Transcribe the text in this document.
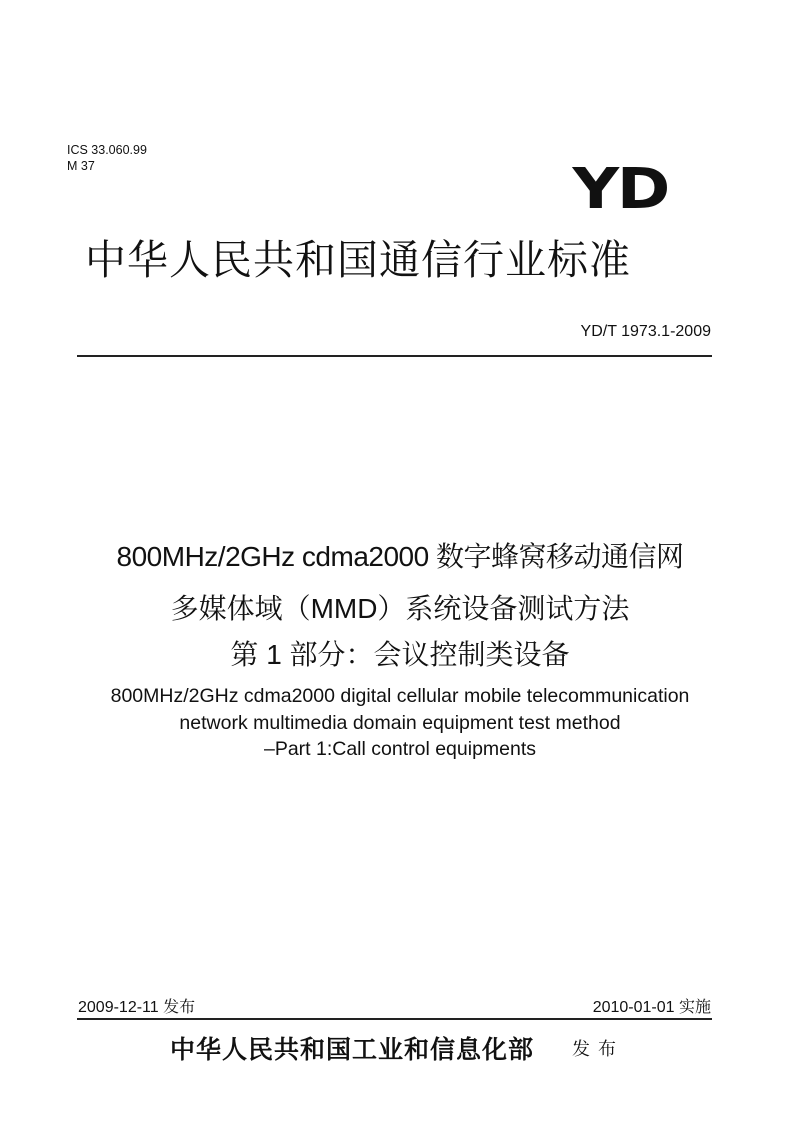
ICS 33.060.99
M 37	YD
中华人民共和国通信行业标准
YD/T 1973.1-2009
800MHz/2GHz cdma2000 数字蜂窝移动通信网
多媒体域（MMD）系统设备测试方法
第 1 部分：会议控制类设备
800MHz/2GHz cdma2000 digital cellular mobile telecommunication
network multimedia domain equipment test method
–Part 1:Call control equipments
2009-12-11 发布	2010-01-01 实施
中华人民共和国工业和信息化部 发布
